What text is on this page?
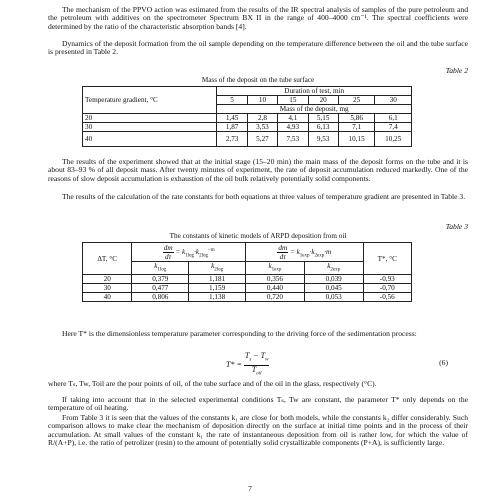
The mechanism of the PPVO action was estimated from the results of the IR spectral analysis of samples of the pure petroleum and the petroleum with additives on the spectrometer Spectrum BX II in the range of 400–4000 cm⁻¹. The spectral coefficients were determined by the ratio of the characteristic absorption bands [4].

Dynamics of the deposit formation from the oil sample depending on the temperature difference between the oil and the tube surface is presented in Table 2.

Table 2
Mass of the deposit on the tube surface
Temperature gradient, °C	Duration of test, min					
	5	10	15	20	25	30
	Mass of the deposit, mg					
20	1,45	2,8	4,1	5,15	5,86	6,1
30	1,87	3,53	4,93	6,13	7,1	7,4
40	2,73	5,27	7,53	9,53	10,15	10,25

The results of the experiment showed that at the initial stage (15–20 min) the main mass of the deposit forms on the tube and it is about 83–93 % of all deposit mass. After twenty minutes of experiment, the rate of deposit accumulation reduced markedly. One of the reasons of slow deposit accumulation is exhaustion of the oil bulk relatively potentially solid components.

The results of the calculation of the rate constants for both equations at three values of temperature gradient are presented in Table 3.

Table 3
The constants of kinetic models of ARPD deposition from oil
ΔT, °C	$\frac{dm}{d\tau} = k_{1log}\cdot k_{2log}^{-m}$		$\frac{dm}{d\tau} = k_{1exp}\cdot k_{2exp}\cdot m$		T*, °C
	$k_{1log}$	$k_{2log}$	$k_{1exp}$	$k_{2exp}$
20	0,379	1,181	0,356	0,039	-0,93
30	0,477	1,159	0,440	0,045	-0,70
40	0,806	1,138	0,720	0,053	-0,56

Here T* is the dimensionless temperature parameter corresponding to the driving force of the sedimentation process:

T* =
$T_s - T_w$
$T_{oil}$
(6)

where Tₛ, Tw, Toil are the pour points of oil, of the tube surface and of the oil in the glass, respectively (°C).

If taking into account that in the selected experimental conditions Tₛ, Tw are constant, the parameter T* only depends on the temperature of oil heating.

From Table 3 it is seen that the values of the constants k₁ are close for both models, while the constants k₂ differ considerably. Such comparison allows to make clear the mechanism of deposition directly on the surface at initial time points and in the process of their accumulation. At small values of the constant k₁ the rate of instantaneous deposition from oil is rather low, for which the value of R/(A+P), i.e. the ratio of petrolizer (resin) to the amount of potentially solid crystallizable components (P+A), is sufficiently large.

7
